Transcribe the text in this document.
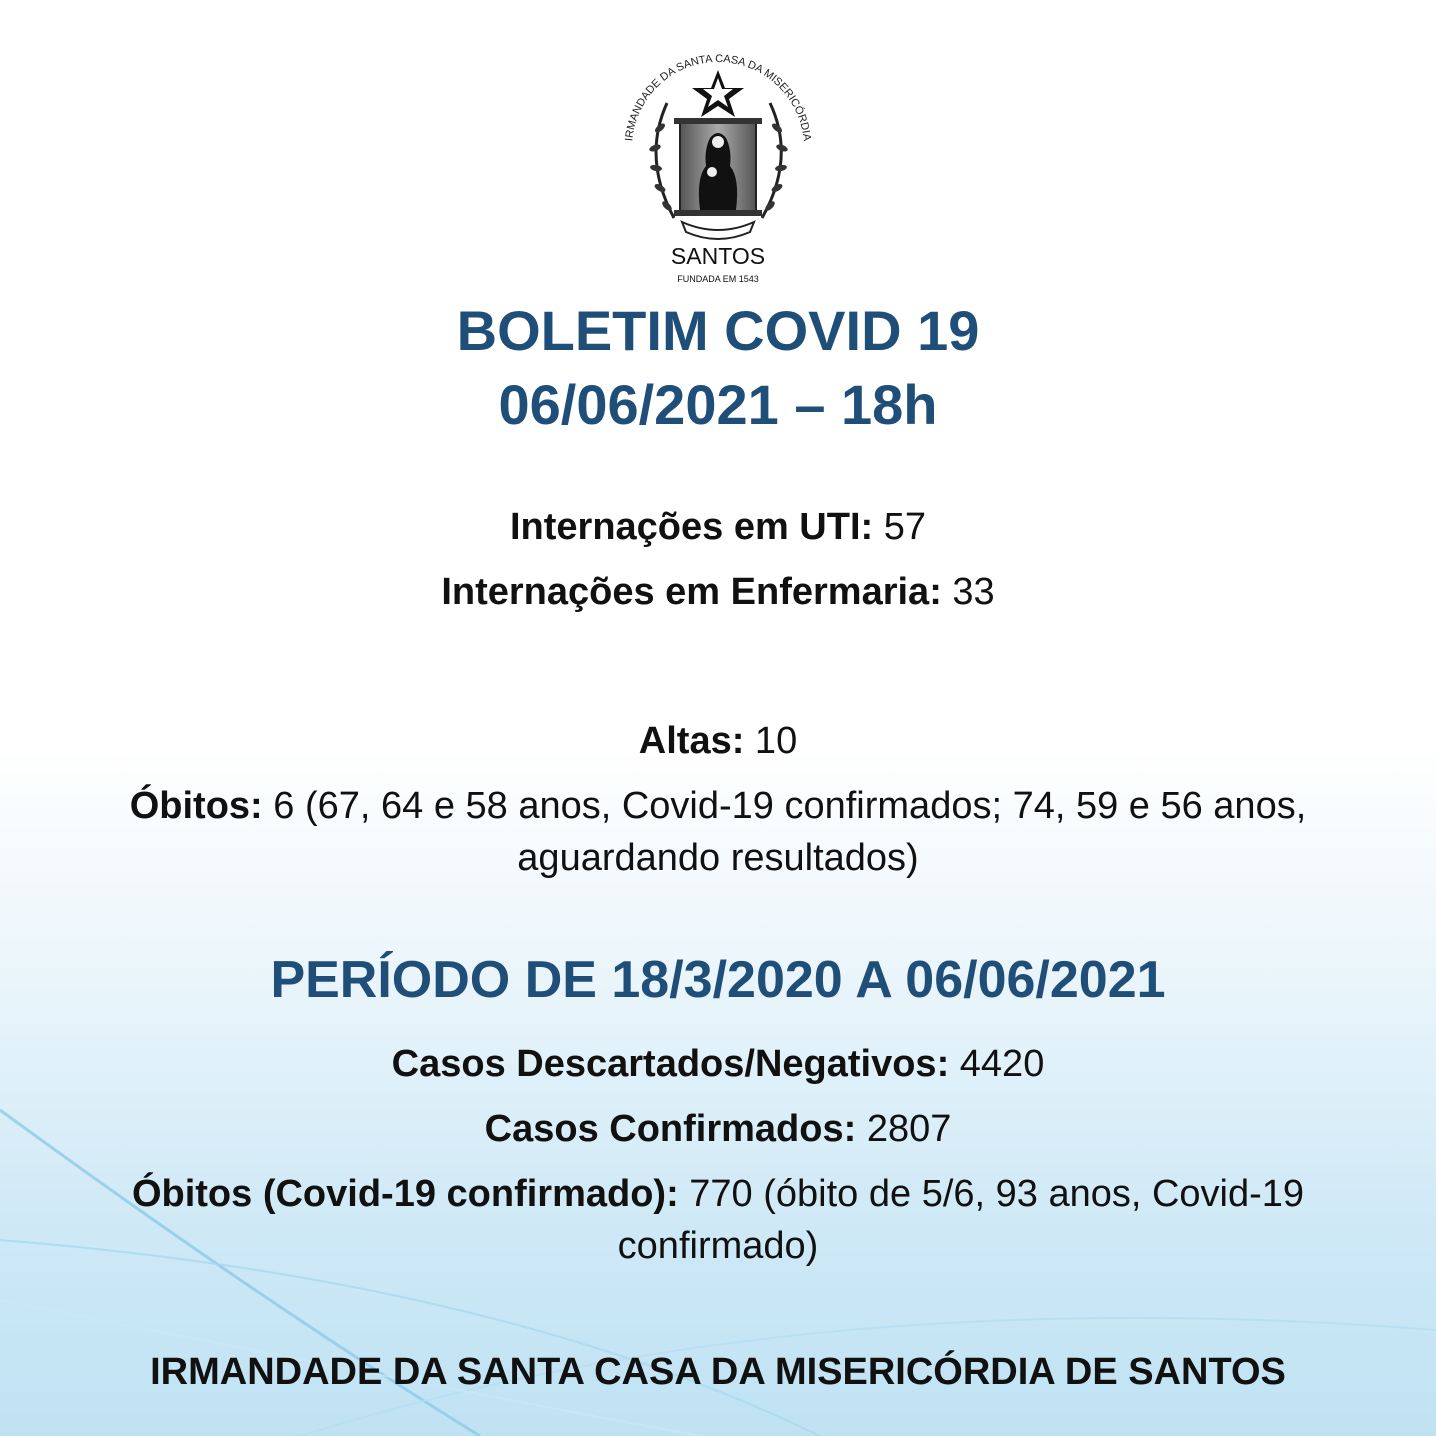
IRMANDADE DA SANTA CASA DA MISERICÓRDIA
SANTOS
FUNDADA EM 1543
BOLETIM COVID 19
06/06/2021 – 18h
Internações em UTI: 57
Internações em Enfermaria: 33
Altas: 10
Óbitos: 6 (67, 64 e 58 anos, Covid-19 confirmados; 74, 59 e 56 anos,
aguardando resultados)
PERÍODO DE 18/3/2020 A 06/06/2021
Casos Descartados/Negativos: 4420
Casos Confirmados: 2807
Óbitos (Covid-19 confirmado): 770 (óbito de 5/6, 93 anos, Covid-19
confirmado)
IRMANDADE DA SANTA CASA DA MISERICÓRDIA DE SANTOS
